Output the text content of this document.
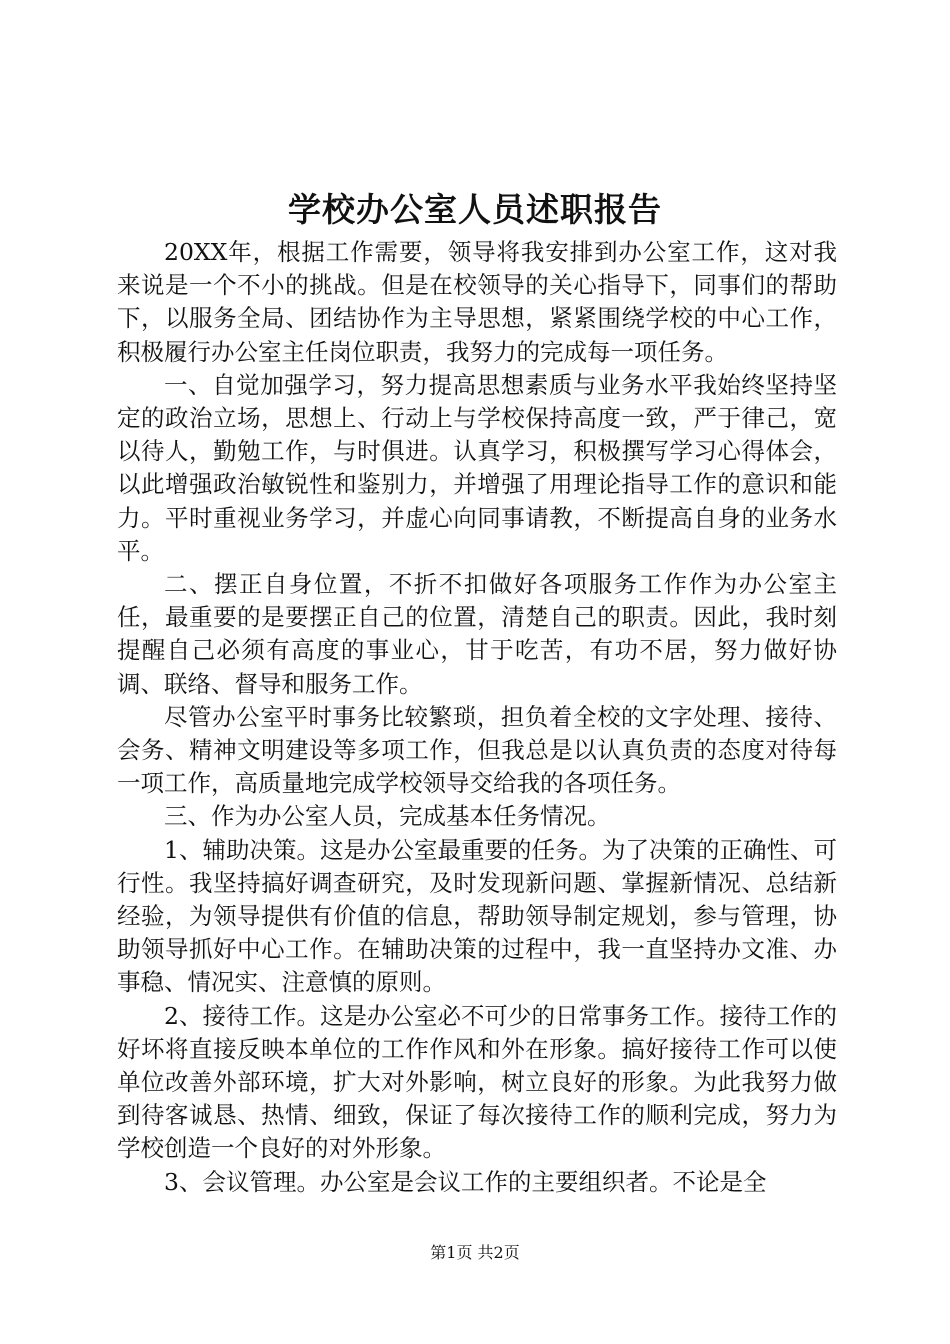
学校办公室人员述职报告

20XX年，根据工作需要，领导将我安排到办公室工作，这对我来说是一个不小的挑战。但是在校领导的关心指导下，同事们的帮助下，以服务全局、团结协作为主导思想，紧紧围绕学校的中心工作，积极履行办公室主任岗位职责，我努力的完成每一项任务。

一、自觉加强学习，努力提高思想素质与业务水平我始终坚持坚定的政治立场，思想上、行动上与学校保持高度一致，严于律己，宽以待人，勤勉工作，与时俱进。认真学习，积极撰写学习心得体会，以此增强政治敏锐性和鉴别力，并增强了用理论指导工作的意识和能力。平时重视业务学习，并虚心向同事请教，不断提高自身的业务水平。

二、摆正自身位置，不折不扣做好各项服务工作作为办公室主任，最重要的是要摆正自己的位置，清楚自己的职责。因此，我时刻提醒自己必须有高度的事业心，甘于吃苦，有功不居，努力做好协调、联络、督导和服务工作。

尽管办公室平时事务比较繁琐，担负着全校的文字处理、接待、会务、精神文明建设等多项工作，但我总是以认真负责的态度对待每一项工作，高质量地完成学校领导交给我的各项任务。

三、作为办公室人员，完成基本任务情况。

1、辅助决策。这是办公室最重要的任务。为了决策的正确性、可行性。我坚持搞好调查研究，及时发现新问题、掌握新情况、总结新经验，为领导提供有价值的信息，帮助领导制定规划，参与管理，协助领导抓好中心工作。在辅助决策的过程中，我一直坚持办文准、办事稳、情况实、注意慎的原则。

2、接待工作。这是办公室必不可少的日常事务工作。接待工作的好坏将直接反映本单位的工作作风和外在形象。搞好接待工作可以使单位改善外部环境，扩大对外影响，树立良好的形象。为此我努力做到待客诚恳、热情、细致，保证了每次接待工作的顺利完成，努力为学校创造一个良好的对外形象。

3、会议管理。办公室是会议工作的主要组织者。不论是全

第1页 共2页
